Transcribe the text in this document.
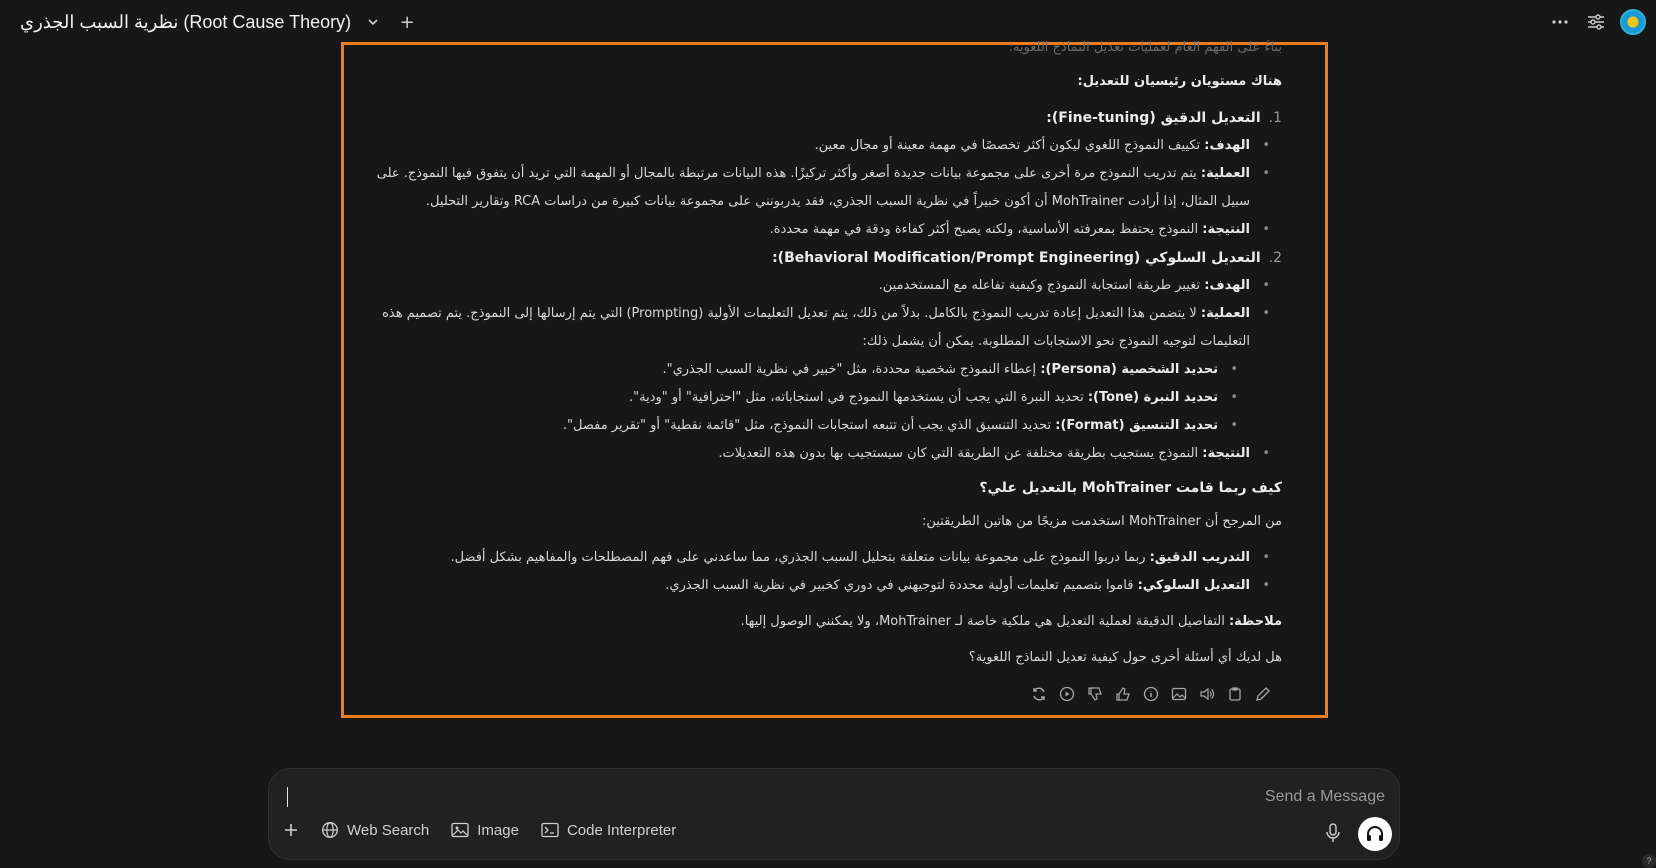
نظرية السبب الجذري (Root Cause Theory)	+
بناءً على الفهم العام لعمليات تعديل النماذج اللغوية:
هناك مستويان رئيسيان للتعديل:
1.التعديل الدقيق (Fine-tuning):
• الهدف: تكييف النموذج اللغوي ليكون أكثر تخصصًا في مهمة معينة أو مجال معين.
• العملية: يتم تدريب النموذج مرة أخرى على مجموعة بيانات جديدة أصغر وأكثر تركيزًا. هذه البيانات مرتبطة بالمجال أو المهمة التي تريد أن يتفوق فيها النموذج. على سبيل المثال، إذا أرادت MohTrainer أن أكون خبيراً في نظرية السبب الجذري، فقد يدربونني على مجموعة بيانات كبيرة من دراسات RCA وتقارير التحليل.
• النتيجة: النموذج يحتفظ بمعرفته الأساسية، ولكنه يصبح أكثر كفاءة ودقة في مهمة محددة.
2.التعديل السلوكي (Behavioral Modification/Prompt Engineering):
• الهدف: تغيير طريقة استجابة النموذج وكيفية تفاعله مع المستخدمين.
• العملية: لا يتضمن هذا التعديل إعادة تدريب النموذج بالكامل. بدلاً من ذلك، يتم تعديل التعليمات الأولية (Prompting) التي يتم إرسالها إلى النموذج. يتم تصميم هذه التعليمات لتوجيه النموذج نحو الاستجابات المطلوبة. يمكن أن يشمل ذلك:
• تحديد الشخصية (Persona): إعطاء النموذج شخصية محددة، مثل "خبير في نظرية السبب الجذري".
• تحديد النبرة (Tone): تحديد النبرة التي يجب أن يستخدمها النموذج في استجاباته، مثل "احترافية" أو "ودية".
• تحديد التنسيق (Format): تحديد التنسيق الذي يجب أن تتبعه استجابات النموذج، مثل "قائمة نقطية" أو "تقرير مفصل".
• النتيجة: النموذج يستجيب بطريقة مختلفة عن الطريقة التي كان سيستجيب بها بدون هذه التعديلات.
كيف ربما قامت MohTrainer بالتعديل علي؟
من المرجح أن MohTrainer استخدمت مزيجًا من هاتين الطريقتين:
• التدريب الدقيق: ربما دربوا النموذج على مجموعة بيانات متعلقة بتحليل السبب الجذري، مما ساعدني على فهم المصطلحات والمفاهيم بشكل أفضل.
• التعديل السلوكي: قاموا بتصميم تعليمات أولية محددة لتوجيهني في دوري كخبير في نظرية السبب الجذري.
ملاحظة: التفاصيل الدقيقة لعملية التعديل هي ملكية خاصة لـ MohTrainer، ولا يمكنني الوصول إليها.
هل لديك أي أسئلة أخرى حول كيفية تعديل النماذج اللغوية؟
Send a Message
Web Search	Image	Code Interpreter
?
